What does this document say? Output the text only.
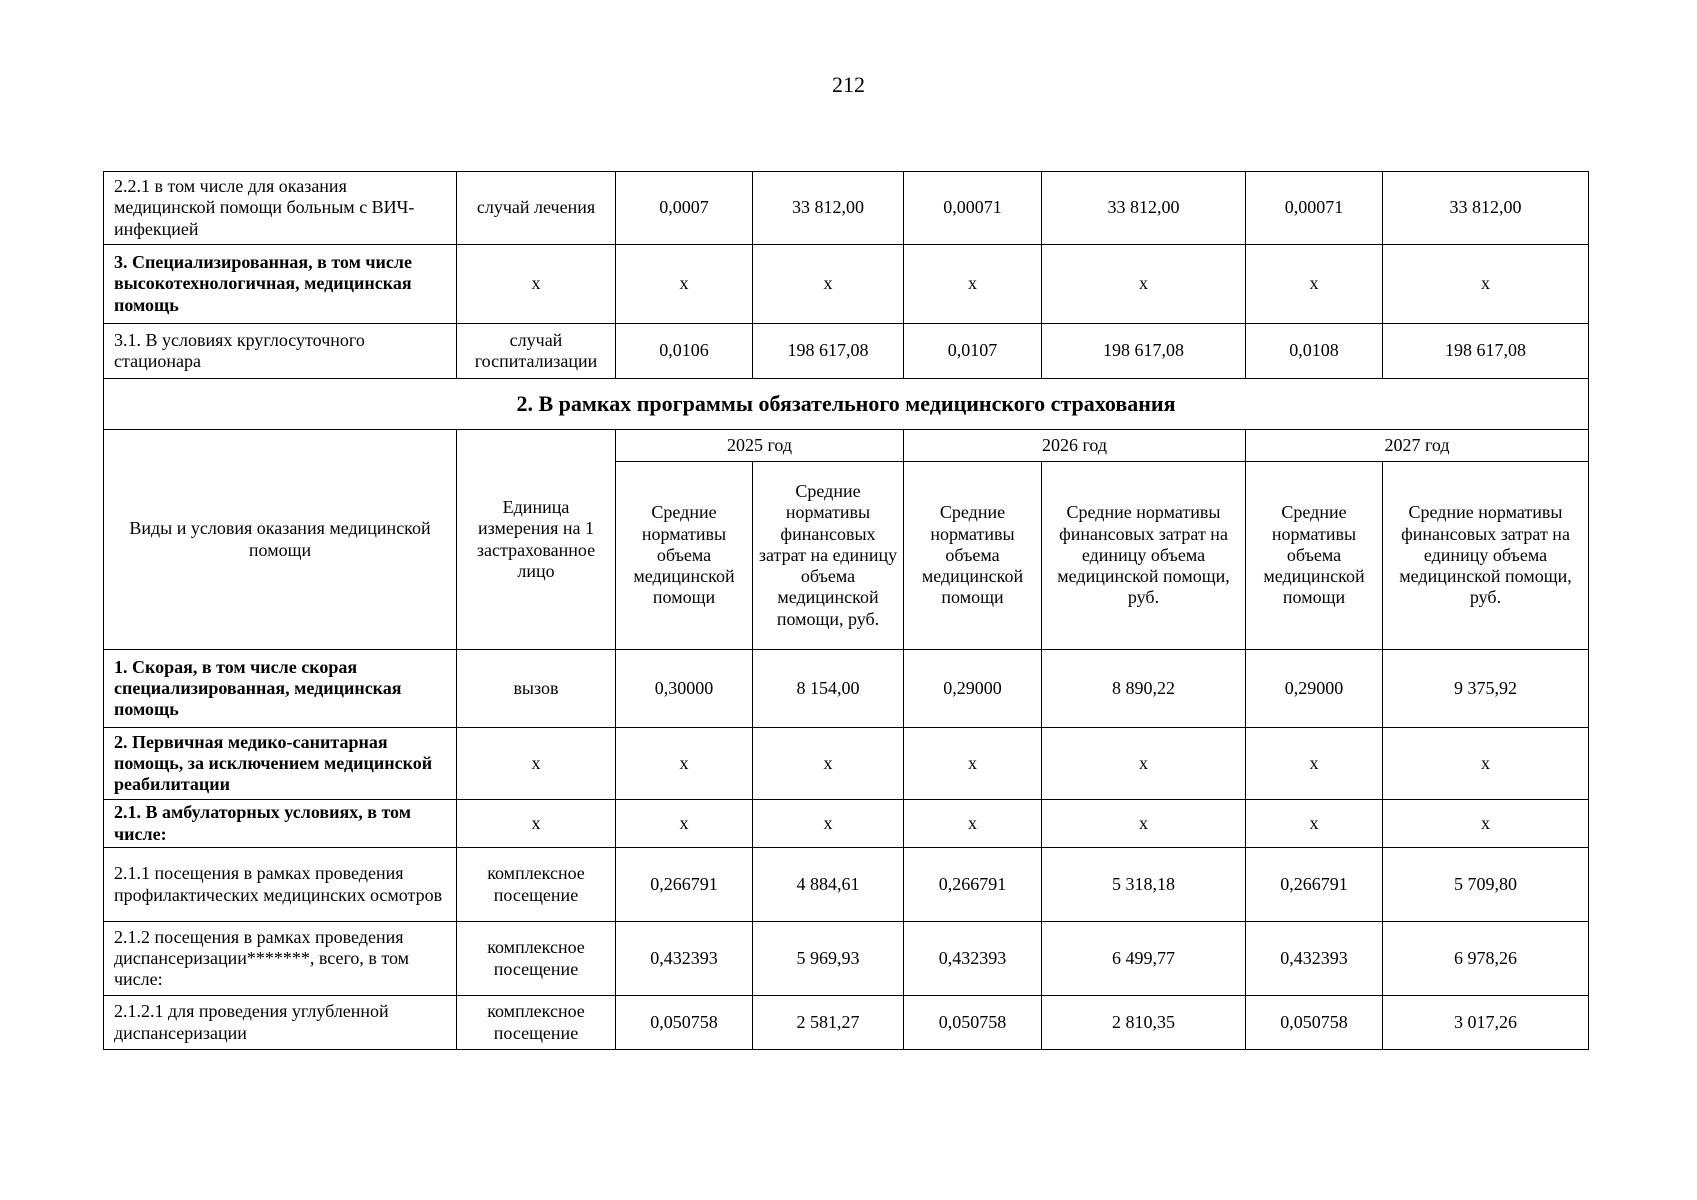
212
2.2.1 в том числе для оказания медицинской помощи больным с ВИЧ-инфекцией	случай лечения	0,0007	33 812,00	0,00071	33 812,00	0,00071	33 812,00
3. Специализированная, в том числе высокотехнологичная, медицинская помощь	х	х	х	х	х	х	х
3.1. В условиях круглосуточного стационара	случай госпитализации	0,0106	198 617,08	0,0107	198 617,08	0,0108	198 617,08
2. В рамках программы обязательного медицинского страхования							
Виды и условия оказания медицинской помощи	Единица измерения на 1 застрахованное лицо	2025 год		2026 год		2027 год	
		Средние нормативы объема медицинской помощи	Средние нормативы финансовых затрат на единицу объема медицинской помощи, руб.	Средние нормативы объема медицинской помощи	Средние нормативы финансовых затрат на единицу объема медицинской помощи, руб.	Средние нормативы объема медицинской помощи	Средние нормативы финансовых затрат на единицу объема медицинской помощи, руб.
1. Скорая, в том числе скорая специализированная, медицинская помощь	вызов	0,30000	8 154,00	0,29000	8 890,22	0,29000	9 375,92
2. Первичная медико-санитарная помощь, за исключением медицинской реабилитации	х	х	х	х	х	х	х
2.1. В амбулаторных условиях, в том числе:	х	х	х	х	х	х	х
2.1.1 посещения в рамках проведения профилактических медицинских осмотров	комплексное посещение	0,266791	4 884,61	0,266791	5 318,18	0,266791	5 709,80
2.1.2 посещения в рамках проведения диспансеризации*******, всего, в том числе:	комплексное посещение	0,432393	5 969,93	0,432393	6 499,77	0,432393	6 978,26
2.1.2.1 для проведения углубленной диспансеризации	комплексное посещение	0,050758	2 581,27	0,050758	2 810,35	0,050758	3 017,26
